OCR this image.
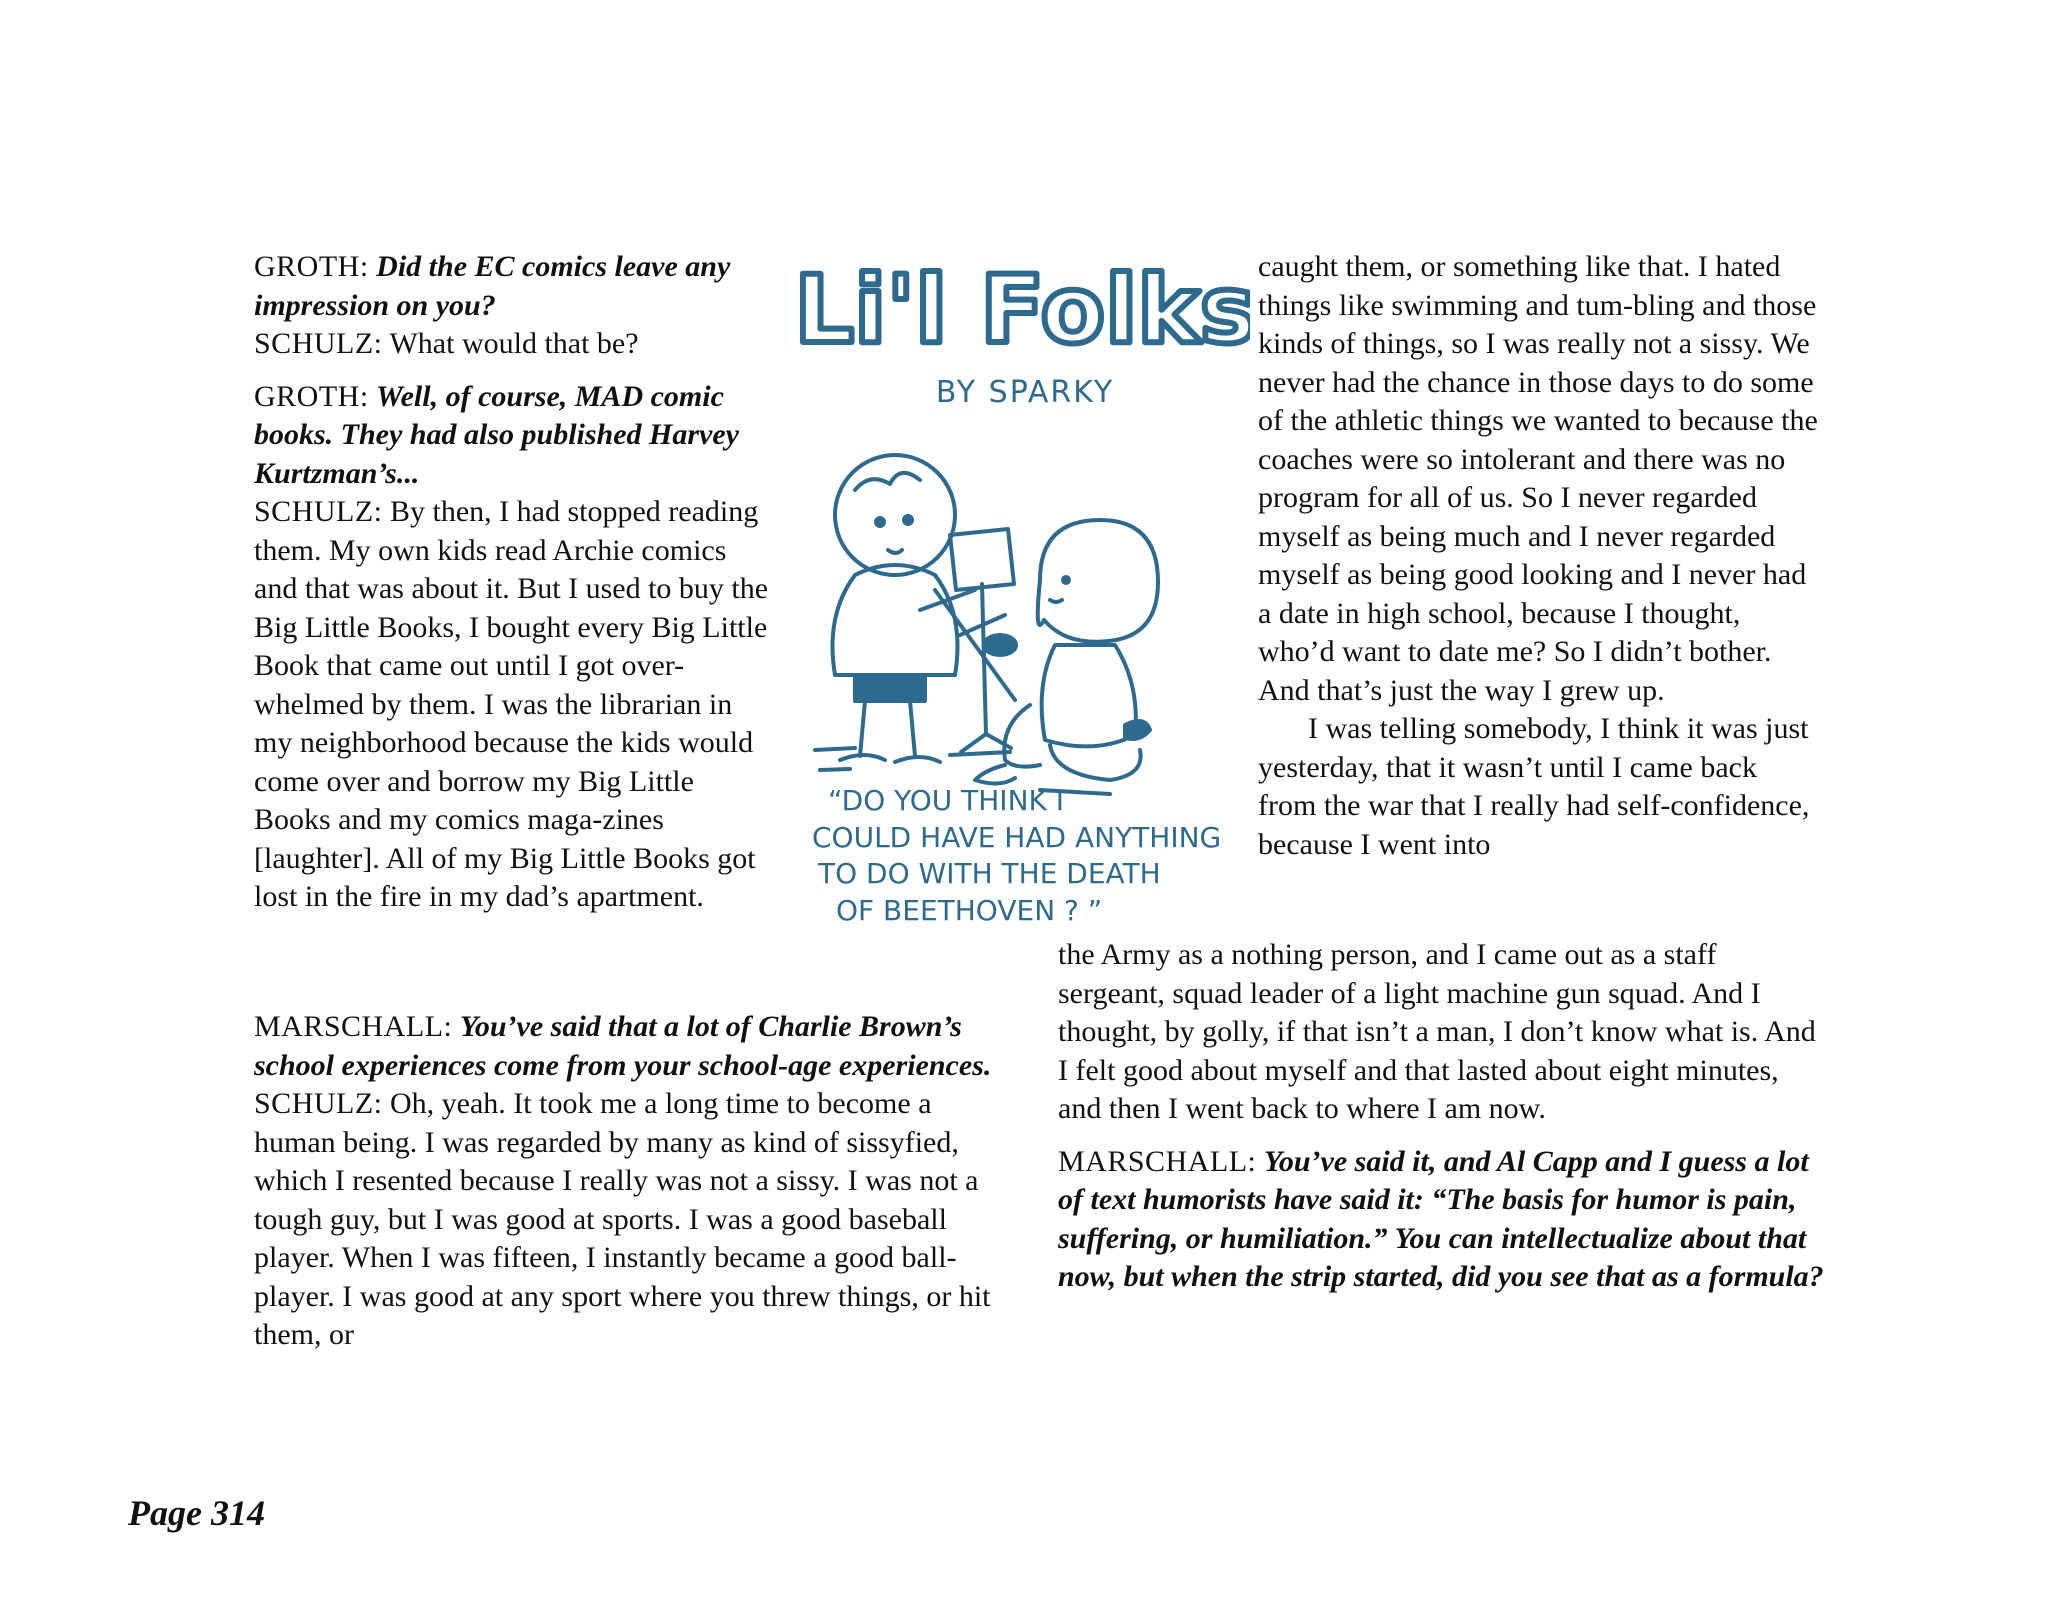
GROTH: Did the EC comics leave any impression on you?

SCHULZ: What would that be?

GROTH: Well, of course, MAD comic books. They had also published Harvey Kurtzman’s...

SCHULZ: By then, I had stopped reading them. My own kids read Archie comics and that was about it. But I used to buy the Big Little Books, I bought every Big Little Book that came out until I got over-whelmed by them. I was the librarian in my neighborhood because the kids would come over and borrow my Big Little Books and my comics maga-zines [laughter]. All of my Big Little Books got lost in the fire in my dad’s apartment.

MARSCHALL: You’ve said that a lot of Charlie Brown’s school experiences come from your school-age experiences.

SCHULZ: Oh, yeah. It took me a long time to become a human being. I was regarded by many as kind of sissyfied, which I resented because I really was not a sissy. I was not a tough guy, but I was good at sports. I was a good baseball player. When I was fifteen, I instantly became a good ball-player. I was good at any sport where you threw things, or hit them, or

caught them, or something like that. I hated things like swimming and tum-bling and those kinds of things, so I was really not a sissy. We never had the chance in those days to do some of the athletic things we wanted to because the coaches were so intolerant and there was no program for all of us. So I never regarded myself as being much and I never regarded myself as being good looking and I never had a date in high school, because I thought, who’d want to date me? So I didn’t bother. And that’s just the way I grew up.

I was telling somebody, I think it was just yesterday, that it wasn’t until I came back from the war that I really had self-confidence, because I went into

the Army as a nothing person, and I came out as a staff sergeant, squad leader of a light machine gun squad. And I thought, by golly, if that isn’t a man, I don’t know what is. And I felt good about myself and that lasted about eight minutes, and then I went back to where I am now.

MARSCHALL: You’ve said it, and Al Capp and I guess a lot of text humorists have said it: “The basis for humor is pain, suffering, or humiliation.” You can intellectualize about that now, but when the strip started, did you see that as a formula?

Li'l Folks
BY SPARKY
“DO YOU THINK I
COULD HAVE HAD ANYTHING
TO DO WITH THE DEATH
OF BEETHOVEN ? ”
Page 314
